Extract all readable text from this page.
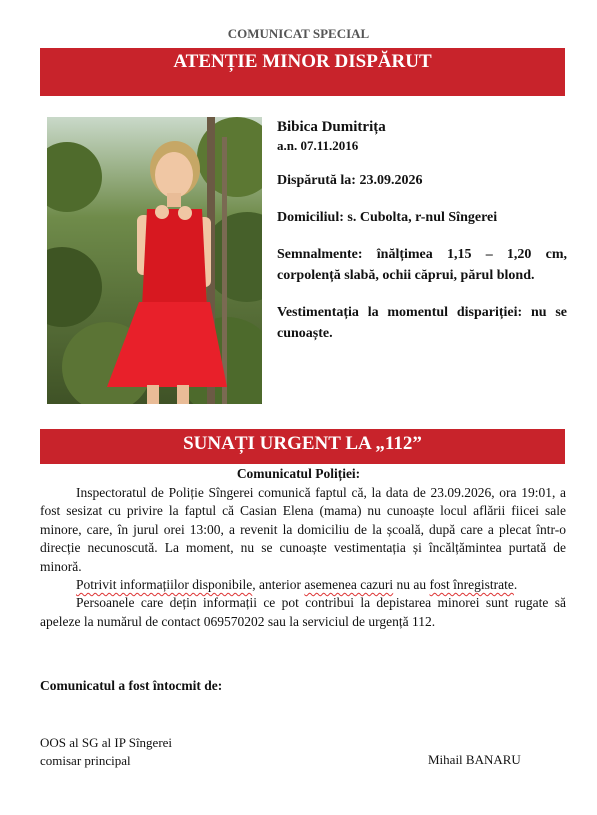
COMUNICAT SPECIAL
ATENȚIE MINOR DISPĂRUT

Bibica Dumitrița

a.n. 07.11.2016

Dispărută la: 23.09.2026

Domiciliul: s. Cubolta, r-nul Sîngerei

Semnalmente: înălțimea 1,15 – 1,20 cm, corpolență slabă, ochii căprui, părul blond.

Vestimentația la momentul dispariției: nu se cunoaște.

SUNAȚI URGENT LA „112”
Comunicatul Poliției:

Inspectoratul de Poliție Sîngerei comunică faptul că, la data de 23.09.2026, ora 19:01, a fost sesizat cu privire la faptul că Casian Elena (mama) nu cunoaște locul aflării fiicei sale minore, care, în jurul orei 13:00, a revenit la domiciliu de la școală, după care a plecat într-o direcție necunoscută. La moment, nu se cunoaște vestimentația și încălțămintea purtată de minoră.

Potrivit informațiilor disponibile, anterior asemenea cazuri nu au fost înregistrate.

Persoanele care dețin informații ce pot contribui la depistarea minorei sunt rugate să apeleze la numărul de contact 069570202 sau la serviciul de urgență 112.

Comunicatul a fost întocmit de:
OOS al SG al IP Sîngerei
comisar principal	Mihail BANARU
